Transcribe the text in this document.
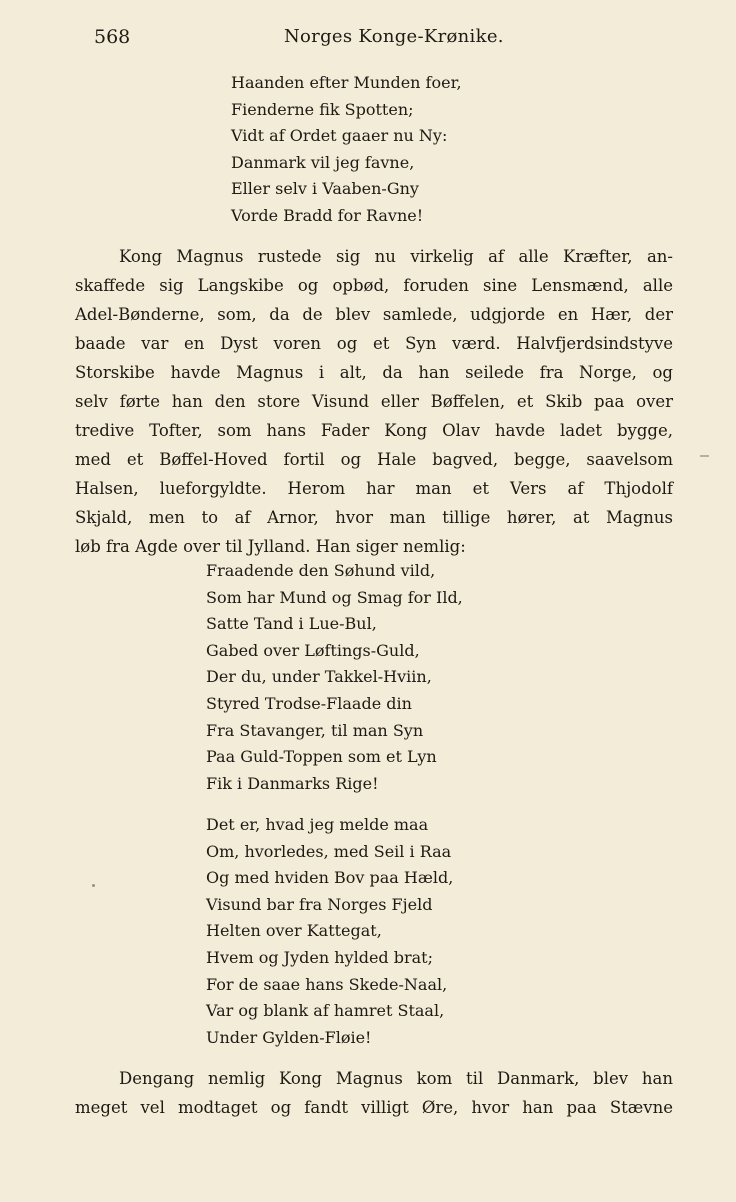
568	Norges Konge-Krønike.
Haanden efter Munden foer,
Fienderne fik Spotten;
Vidt af Ordet gaaer nu Ny:
Danmark vil jeg favne,
Eller selv i Vaaben-Gny
Vorde Bradd for Ravne!
Kong Magnus rustede sig nu virkelig af alle Kræfter, an-
skaffede sig Langskibe og opbød, foruden sine Lensmænd, alle
Adel-Bønderne, som, da de blev samlede, udgjorde en Hær, der
baade var en Dyst voren og et Syn værd. Halvfjerdsindstyve
Storskibe havde Magnus i alt, da han seilede fra Norge, og
selv førte han den store Visund eller Bøffelen, et Skib paa over
tredive Tofter, som hans Fader Kong Olav havde ladet bygge,
med et Bøffel-Hoved fortil og Hale bagved, begge, saavelsom
Halsen, lueforgyldte. Herom har man et Vers af Thjodolf
Skjald, men to af Arnor, hvor man tillige hører, at Magnus
løb fra Agde over til Jylland. Han siger nemlig:
Fraadende den Søhund vild,
Som har Mund og Smag for Ild,
Satte Tand i Lue-Bul,
Gabed over Løftings-Guld,
Der du, under Takkel-Hviin,
Styred Trodse-Flaade din
Fra Stavanger, til man Syn
Paa Guld-Toppen som et Lyn
Fik i Danmarks Rige!
Det er, hvad jeg melde maa
Om, hvorledes, med Seil i Raa
Og med hviden Bov paa Hæld,
Visund bar fra Norges Fjeld
Helten over Kattegat,
Hvem og Jyden hylded brat;
For de saae hans Skede-Naal,
Var og blank af hamret Staal,
Under Gylden-Fløie!
Dengang nemlig Kong Magnus kom til Danmark, blev han
meget vel modtaget og fandt villigt Øre, hvor han paa Stævne
